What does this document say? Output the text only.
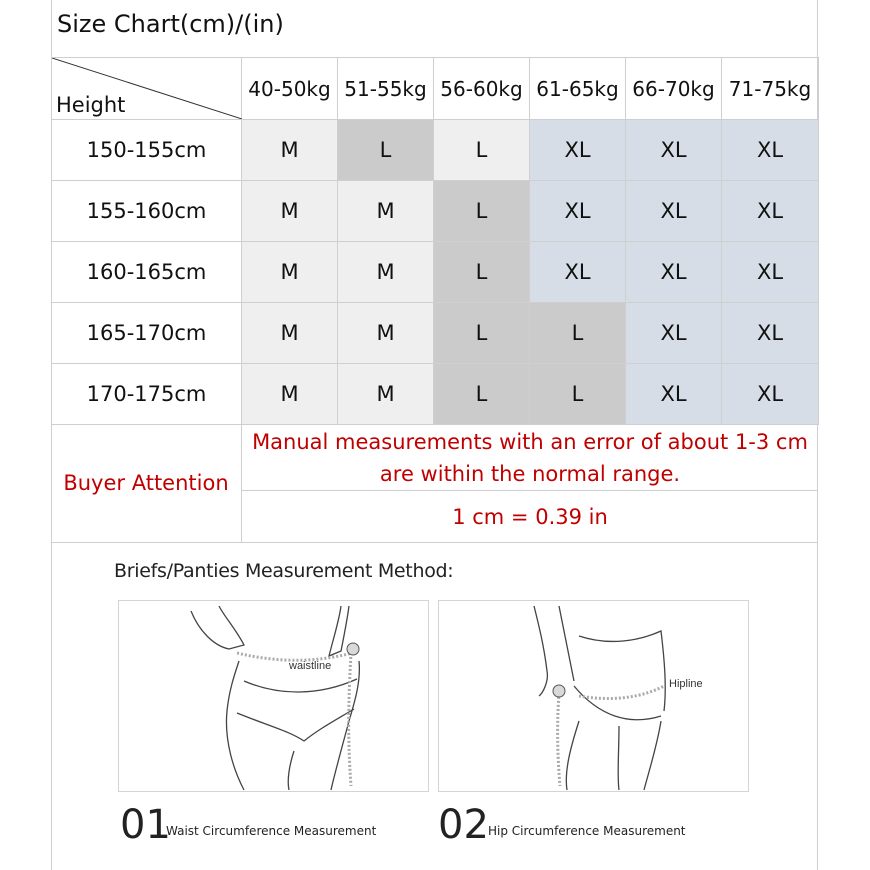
Size Chart(cm)/(in)
Height	40-50kg	51-55kg	56-60kg	61-65kg	66-70kg	71-75kg
150-155cm	M	L	L	XL	XL	XL
155-160cm	M	M	L	XL	XL	XL
160-165cm	M	M	L	XL	XL	XL
165-170cm	M	M	L	L	XL	XL
170-175cm	M	M	L	L	XL	XL
Buyer Attention
Manual measurements with an error of about 1-3 cm
are within the normal range.
1 cm = 0.39 in
Briefs/Panties Measurement Method:
waistline
Hipline
01
Waist Circumference Measurement 02 Hip Circumference Measurement
